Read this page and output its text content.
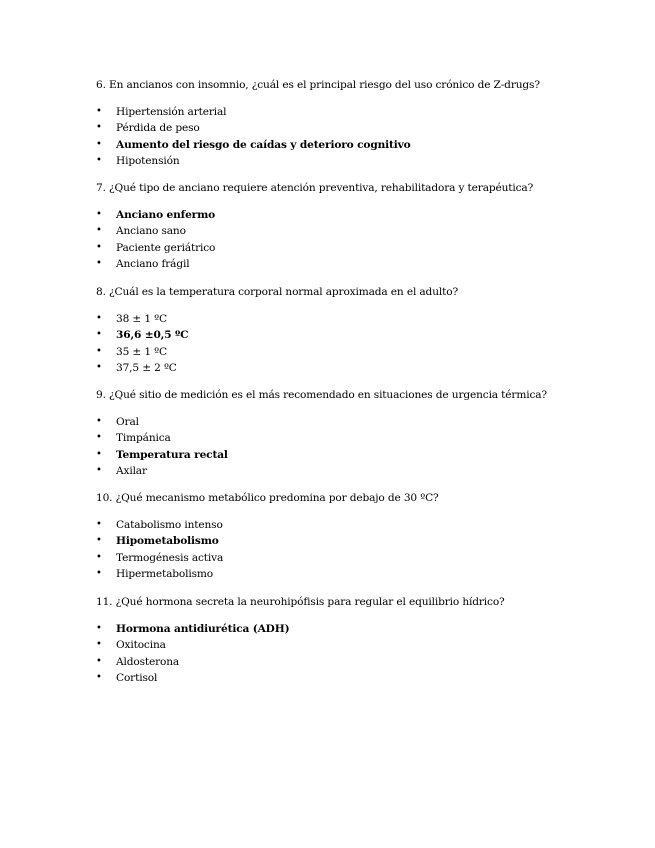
6. En ancianos con insomnio, ¿cuál es el principal riesgo del uso crónico de Z-drugs?
•	Hipertensión arterial
•	Pérdida de peso
•	Aumento del riesgo de caídas y deterioro cognitivo
•	Hipotensión
7. ¿Qué tipo de anciano requiere atención preventiva, rehabilitadora y terapéutica?
•	Anciano enfermo
•	Anciano sano
•	Paciente geriátrico
•	Anciano frágil
8. ¿Cuál es la temperatura corporal normal aproximada en el adulto?
•	38 ± 1 ºC
•	36,6 ±0,5 ºC
•	35 ± 1 ºC
•	37,5 ± 2 ºC
9. ¿Qué sitio de medición es el más recomendado en situaciones de urgencia térmica?
•	Oral
•	Timpánica
•	Temperatura rectal
•	Axilar
10. ¿Qué mecanismo metabólico predomina por debajo de 30 ºC?
•	Catabolismo intenso
•	Hipometabolismo
•	Termogénesis activa
•	Hipermetabolismo
11. ¿Qué hormona secreta la neurohipófisis para regular el equilibrio hídrico?
•	Hormona antidiurética (ADH)
•	Oxitocina
•	Aldosterona
•	Cortisol
